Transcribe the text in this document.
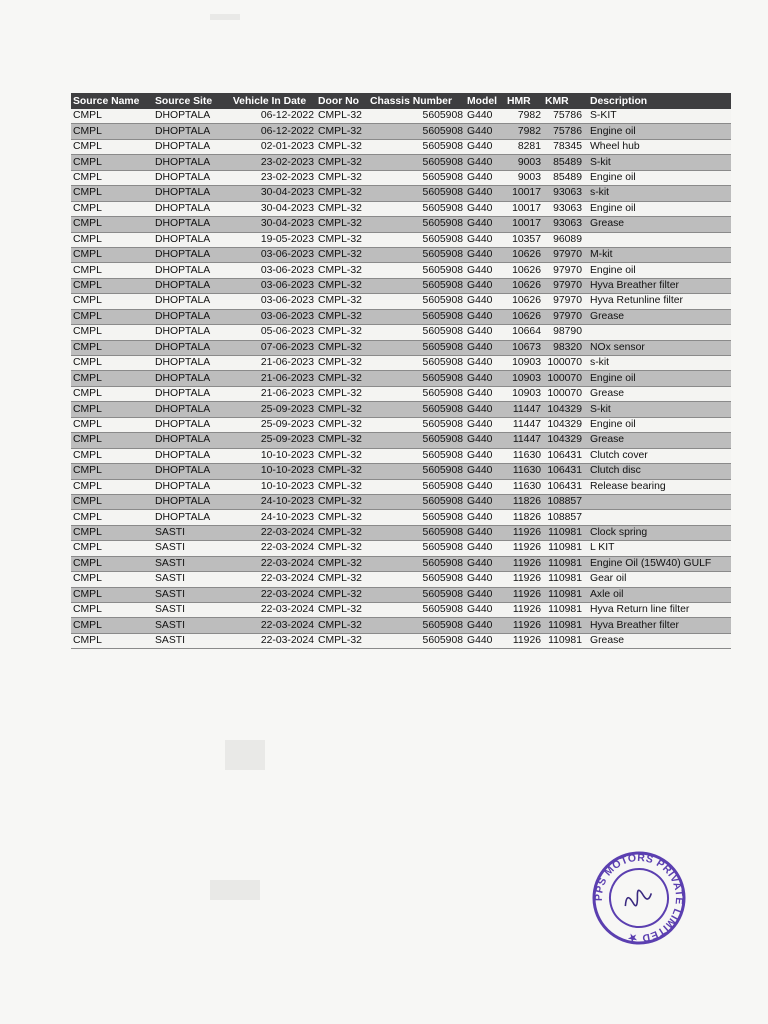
Source Name	Source Site	Vehicle In Date	Door No	Chassis Number	Model	HMR	KMR	Description
CMPL	DHOPTALA	06-12-2022	CMPL-32	5605908	G440	7982	75786	S-KIT
CMPL	DHOPTALA	06-12-2022	CMPL-32	5605908	G440	7982	75786	Engine oil
CMPL	DHOPTALA	02-01-2023	CMPL-32	5605908	G440	8281	78345	Wheel hub
CMPL	DHOPTALA	23-02-2023	CMPL-32	5605908	G440	9003	85489	S-kit
CMPL	DHOPTALA	23-02-2023	CMPL-32	5605908	G440	9003	85489	Engine oil
CMPL	DHOPTALA	30-04-2023	CMPL-32	5605908	G440	10017	93063	s-kit
CMPL	DHOPTALA	30-04-2023	CMPL-32	5605908	G440	10017	93063	Engine oil
CMPL	DHOPTALA	30-04-2023	CMPL-32	5605908	G440	10017	93063	Grease
CMPL	DHOPTALA	19-05-2023	CMPL-32	5605908	G440	10357	96089	
CMPL	DHOPTALA	03-06-2023	CMPL-32	5605908	G440	10626	97970	M-kit
CMPL	DHOPTALA	03-06-2023	CMPL-32	5605908	G440	10626	97970	Engine oil
CMPL	DHOPTALA	03-06-2023	CMPL-32	5605908	G440	10626	97970	Hyva Breather filter
CMPL	DHOPTALA	03-06-2023	CMPL-32	5605908	G440	10626	97970	Hyva Retunline filter
CMPL	DHOPTALA	03-06-2023	CMPL-32	5605908	G440	10626	97970	Grease
CMPL	DHOPTALA	05-06-2023	CMPL-32	5605908	G440	10664	98790	
CMPL	DHOPTALA	07-06-2023	CMPL-32	5605908	G440	10673	98320	NOx sensor
CMPL	DHOPTALA	21-06-2023	CMPL-32	5605908	G440	10903	100070	s-kit
CMPL	DHOPTALA	21-06-2023	CMPL-32	5605908	G440	10903	100070	Engine oil
CMPL	DHOPTALA	21-06-2023	CMPL-32	5605908	G440	10903	100070	Grease
CMPL	DHOPTALA	25-09-2023	CMPL-32	5605908	G440	11447	104329	S-kit
CMPL	DHOPTALA	25-09-2023	CMPL-32	5605908	G440	11447	104329	Engine oil
CMPL	DHOPTALA	25-09-2023	CMPL-32	5605908	G440	11447	104329	Grease
CMPL	DHOPTALA	10-10-2023	CMPL-32	5605908	G440	11630	106431	Clutch cover
CMPL	DHOPTALA	10-10-2023	CMPL-32	5605908	G440	11630	106431	Clutch disc
CMPL	DHOPTALA	10-10-2023	CMPL-32	5605908	G440	11630	106431	Release bearing
CMPL	DHOPTALA	24-10-2023	CMPL-32	5605908	G440	11826	108857	
CMPL	DHOPTALA	24-10-2023	CMPL-32	5605908	G440	11826	108857	
CMPL	SASTI	22-03-2024	CMPL-32	5605908	G440	11926	110981	Clock spring
CMPL	SASTI	22-03-2024	CMPL-32	5605908	G440	11926	110981	L KIT
CMPL	SASTI	22-03-2024	CMPL-32	5605908	G440	11926	110981	Engine Oil (15W40) GULF
CMPL	SASTI	22-03-2024	CMPL-32	5605908	G440	11926	110981	Gear oil
CMPL	SASTI	22-03-2024	CMPL-32	5605908	G440	11926	110981	Axle oil
CMPL	SASTI	22-03-2024	CMPL-32	5605908	G440	11926	110981	Hyva Return line filter
CMPL	SASTI	22-03-2024	CMPL-32	5605908	G440	11926	110981	Hyva Breather filter
CMPL	SASTI	22-03-2024	CMPL-32	5605908	G440	11926	110981	Grease
PPS MOTORS PRIVATE LIMITED ★
